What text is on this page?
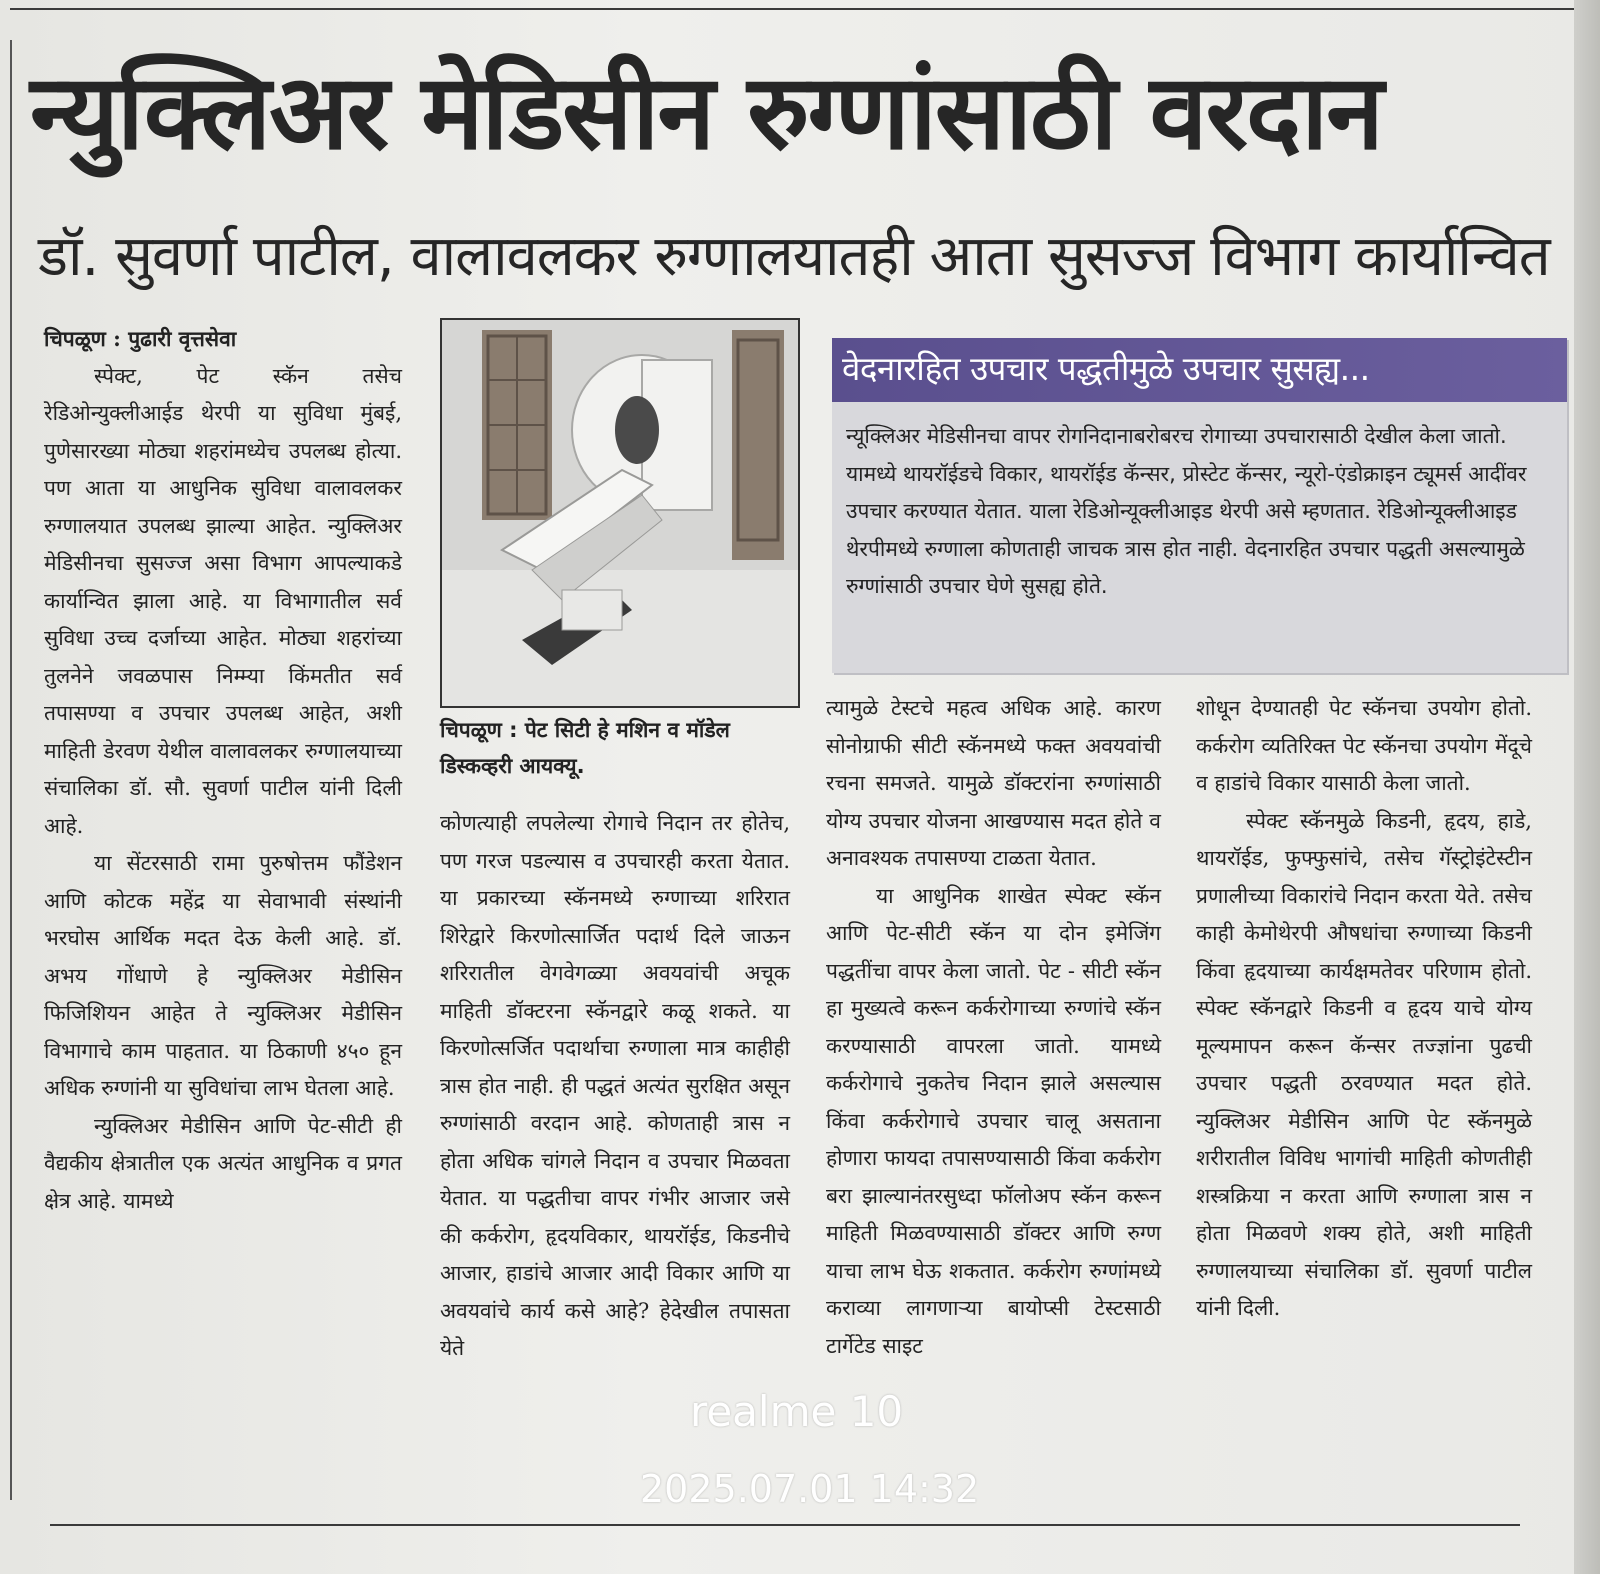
न्युक्लिअर मेडिसीन रुग्णांसाठी वरदान
डॉ. सुवर्णा पाटील, वालावलकर रुग्णालयातही आता सुसज्ज विभाग कार्यान्वित

चिपळूण : पुढारी वृत्तसेवा

स्पेक्ट, पेट स्कॅन तसेच रेडिओन्युक्लीआईड थेरपी या सुविधा मुंबई, पुणेसारख्या मोठ्या शहरांमध्येच उपलब्ध होत्या. पण आता या आधुनिक सुविधा वालावलकर रुग्णालयात उपलब्ध झाल्या आहेत. न्युक्लिअर मेडिसीनचा सुसज्ज असा विभाग आपल्याकडे कार्यान्वित झाला आहे. या विभागातील सर्व सुविधा उच्च दर्जाच्या आहेत. मोठ्या शहरांच्या तुलनेने जवळपास निम्म्या किंमतीत सर्व तपासण्या व उपचार उपलब्ध आहेत, अशी माहिती डेरवण येथील वालावलकर रुग्णालयाच्या संचालिका डॉ. सौ. सुवर्णा पाटील यांनी दिली आहे.

या सेंटरसाठी रामा पुरुषोत्तम फौंडेशन आणि कोटक महेंद्र या सेवाभावी संस्थांनी भरघोस आर्थिक मदत देऊ केली आहे. डॉ. अभय गोंधाणे हे न्युक्लिअर मेडीसिन फिजिशियन आहेत ते न्युक्लिअर मेडीसिन विभागाचे काम पाहतात. या ठिकाणी ४५० हून अधिक रुग्णांनी या सुविधांचा लाभ घेतला आहे.

न्युक्लिअर मेडीसिन आणि पेट-सीटी ही वैद्यकीय क्षेत्रातील एक अत्यंत आधुनिक व प्रगत क्षेत्र आहे. यामध्ये

चिपळूण : पेट सिटी हे मशिन व मॉडेल डिस्कव्हरी आयक्यू.

कोणत्याही लपलेल्या रोगाचे निदान तर होतेच, पण गरज पडल्यास व उपचारही करता येतात. या प्रकारच्या स्कॅनमध्ये रुग्णाच्या शरिरात शिरेद्वारे किरणोत्सार्जित पदार्थ दिले जाऊन शरिरातील वेगवेगळ्या अवयवांची अचूक माहिती डॉक्टरना स्कॅनद्वारे कळू शकते. या किरणोत्सर्जित पदार्थाचा रुग्णाला मात्र काहीही त्रास होत नाही. ही पद्धतं अत्यंत सुरक्षित असून रुग्णांसाठी वरदान आहे. कोणताही त्रास न होता अधिक चांगले निदान व उपचार मिळवता येतात. या पद्धतीचा वापर गंभीर आजार जसे की कर्करोग, हृदयविकार, थायरॉईड, किडनीचे आजार, हाडांचे आजार आदी विकार आणि या अवयवांचे कार्य कसे आहे? हेदेखील तपासता येते

वेदनारहित उपचार पद्धतीमुळे उपचार सुसह्य...
न्यूक्लिअर मेडिसीनचा वापर रोगनिदानाबरोबरच रोगाच्या उपचारासाठी देखील केला जातो. यामध्ये थायरॉईडचे विकार, थायरॉईड कॅन्सर, प्रोस्टेट कॅन्सर, न्यूरो-एंडोक्राइन ट्यूमर्स आदींवर उपचार करण्यात येतात. याला रेडिओन्यूक्लीआइड थेरपी असे म्हणतात. रेडिओन्यूक्लीआइड थेरपीमध्ये रुग्णाला कोणताही जाचक त्रास होत नाही. वेदनारहित उपचार पद्धती असल्यामुळे रुग्णांसाठी उपचार घेणे सुसह्य होते.

त्यामुळे टेस्टचे महत्व अधिक आहे. कारण सोनोग्राफी सीटी स्कॅनमध्ये फक्त अवयवांची रचना समजते. यामुळे डॉक्टरांना रुग्णांसाठी योग्य उपचार योजना आखण्यास मदत होते व अनावश्यक तपासण्या टाळता येतात.

या आधुनिक शाखेत स्पेक्ट स्कॅन आणि पेट-सीटी स्कॅन या दोन इमेजिंग पद्धतींचा वापर केला जातो. पेट - सीटी स्कॅन हा मुख्यत्वे करून कर्करोगाच्या रुग्णांचे स्कॅन करण्यासाठी वापरला जातो. यामध्ये कर्करोगाचे नुकतेच निदान झाले असल्यास किंवा कर्करोगाचे उपचार चालू असताना होणारा फायदा तपासण्यासाठी किंवा कर्करोग बरा झाल्यानंतरसुध्दा फॉलोअप स्कॅन करून माहिती मिळवण्यासाठी डॉक्टर आणि रुग्ण याचा लाभ घेऊ शकतात. कर्करोग रुग्णांमध्ये कराव्या लागणाऱ्या बायोप्सी टेस्टसाठी टार्गेटेड साइट

शोधून देण्यातही पेट स्कॅनचा उपयोग होतो. कर्करोग व्यतिरिक्त पेट स्कॅनचा उपयोग मेंदूचे व हाडांचे विकार यासाठी केला जातो.

स्पेक्ट स्कॅनमुळे किडनी, हृदय, हाडे, थायरॉईड, फुफ्फुसांचे, तसेच गॅस्ट्रोइंटेस्टीन प्रणालीच्या विकारांचे निदान करता येते. तसेच काही केमोथेरपी औषधांचा रुग्णाच्या किडनी किंवा हृदयाच्या कार्यक्षमतेवर परिणाम होतो. स्पेक्ट स्कॅनद्वारे किडनी व हृदय याचे योग्य मूल्यमापन करून कॅन्सर तज्ज्ञांना पुढची उपचार पद्धती ठरवण्यात मदत होते. न्युक्लिअर मेडीसिन आणि पेट स्कॅनमुळे शरीरातील विविध भागांची माहिती कोणतीही शस्त्रक्रिया न करता आणि रुग्णाला त्रास न होता मिळवणे शक्य होते, अशी माहिती रुग्णालयाच्या संचालिका डॉ. सुवर्णा पाटील यांनी दिली.

realme 10
2025.07.01 14:32
